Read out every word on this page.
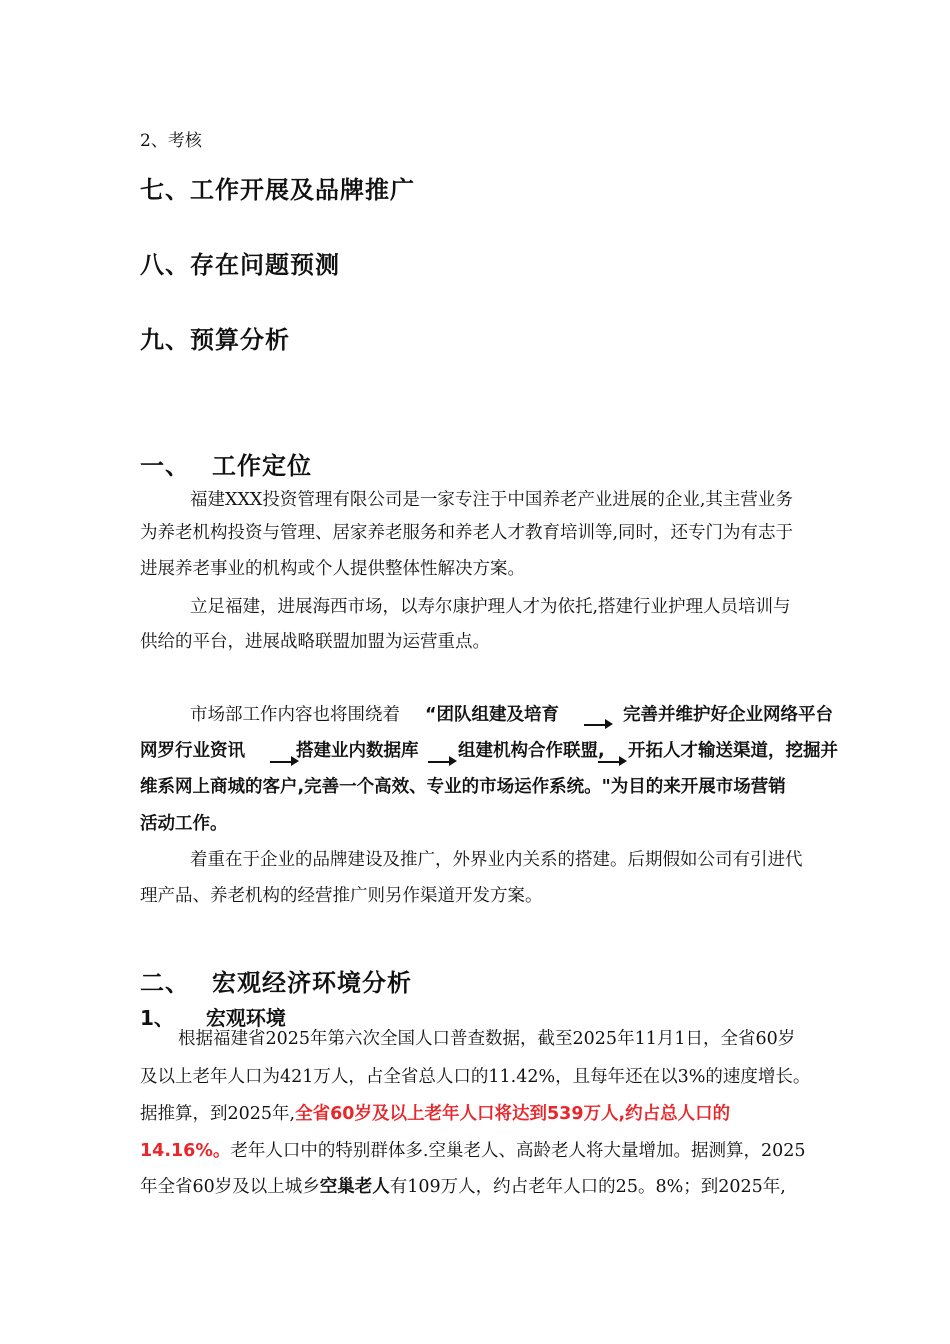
2、考核
七、工作开展及品牌推广
八、存在问题预测
九、预算分析
一、 工作定位
福建XXX投资管理有限公司是一家专注于中国养老产业进展的企业,其主营业务
为养老机构投资与管理、居家养老服务和养老人才教育培训等,同时，还专门为有志于
进展养老事业的机构或个人提供整体性解决方案。
立足福建，进展海西市场，以寿尔康护理人才为依托,搭建行业护理人员培训与
供给的平台，进展战略联盟加盟为运营重点。
市场部工作内容也将围绕着 “团队组建及培育	完善并维护好企业网络平台
网罗行业资讯	搭建业内数据库 组建机构合作联盟, 开拓人才输送渠道，挖掘并
维系网上商城的客户,完善一个高效、专业的市场运作系统。"为目的来开展市场营销
活动工作。
着重在于企业的品牌建设及推广，外界业内关系的搭建。后期假如公司有引进代
理产品、养老机构的经营推广则另作渠道开发方案。
二、 宏观经济环境分析
1、 宏观环境
根据福建省2025年第六次全国人口普查数据，截至2025年11月1日，全省60岁
及以上老年人口为421万人，占全省总人口的11.42%，且每年还在以3%的速度增长。
据推算，到2025年,全省60岁及以上老年人口将达到539万人,约占总人口的
14.16%。老年人口中的特别群体多.空巢老人、高龄老人将大量增加。据测算，2025
年全省60岁及以上城乡空巢老人有109万人，约占老年人口的25。8%；到2025年,
